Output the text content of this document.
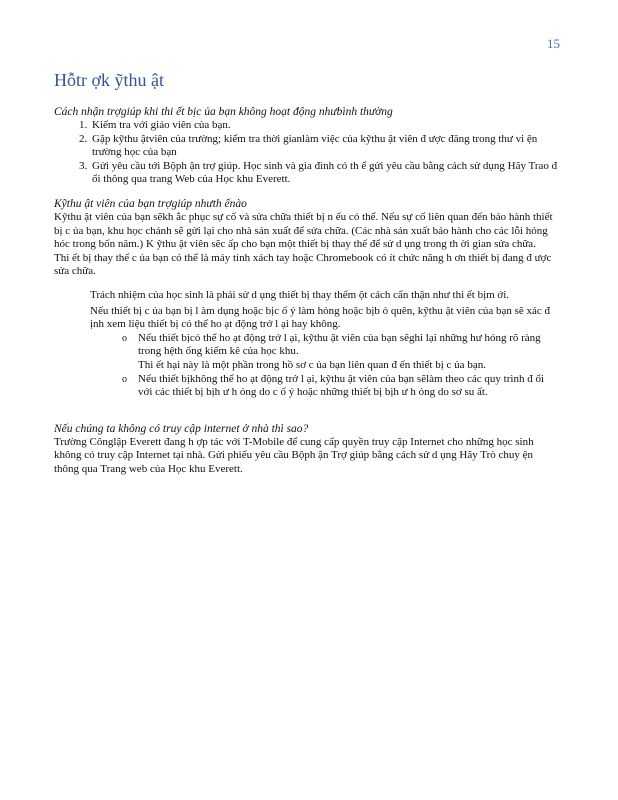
15
Hỗtr ợk ỹthu ật

Cách nhận trợgiúp khi thi ết bịc ủa bạn không hoạt động nhưbình thường

1. Kiểm tra với giáo viên của bạn.
2. Gặp kỹthu ậtviên của trường; kiểm tra thời gianlàm việc của kỹthu ật viên đ ược đăng trong thư vi ện trường học của bạn
3. Gửi yêu cầu tới Bộph ận trợ giúp. Học sinh và gia đình có th ể gửi yêu cầu bằng cách sử dụng Hãy Trao đ ổi thông qua trang Web của Học khu Everett.

Kỹthu ật viên của bạn trợgiúp nhưth ếnào

Kỹthu ật viên của bạn sẽkh ắc phục sự cố và sửa chữa thiết bị n ếu có thể. Nếu sự cố liên quan đến bảo hành thiết bị c ủa bạn, khu học chánh sẽ gửi lại cho nhà sản xuất để sửa chữa. (Các nhà sản xuất bảo hành cho các lỗi hỏng hóc trong bốn năm.) K ỹthu ật viên sẽc ấp cho bạn một thiết bị thay thế để sử d ụng trong th ời gian sửa chữa.

Thi ết bị thay thế c ủa bạn có thể là máy tính xách tay hoặc Chromebook có ít chức năng h ơn thiết bị đang đ ược sửa chữa.

Trách nhiệm của học sinh là phải sử d ụng thiết bị thay thếm ột cách cẩn thận như thi ết bịm ới.
Nếu thiết bị c ủa bạn bị l àm dụng hoặc bịc ố ý làm hỏng hoặc bịb ỏ quên, kỹthu ật viên của bạn sẽ xác đ ịnh xem liệu thiết bị có thể ho ạt động trở l ại hay không.
o Nếu thiết bịcó thể ho ạt động trở l ại, kỹthu ật viên của bạn sẽghi lại những hư hỏng rõ ràng trong hệth ống kiểm kê của học khu.
Thi ết hại này là một phần trong hồ sơ c ủa bạn liên quan đ ến thiết bị c ủa bạn.
o Nếu thiết bịkhông thể ho ạt động trở l ại, kỹthu ật viên của bạn sẽlàm theo các quy trình đ ối với các thiết bị bịh ư h ỏng do c ố ý hoặc những thiết bị bịh ư h ỏng do sơ su ất.

Nếu chúng ta không có truy cập internet ở nhà thì sao?

Trường Cônglập Everett đang h ợp tác với T-Mobile để cung cấp quyền truy cập Internet cho những học sinh không có truy cập Internet tại nhà. Gửi phiếu yêu cầu Bộph ận Trợ giúp bằng cách sử d ụng Hãy Trò chuy ện thông qua Trang web của Học khu Everett.
